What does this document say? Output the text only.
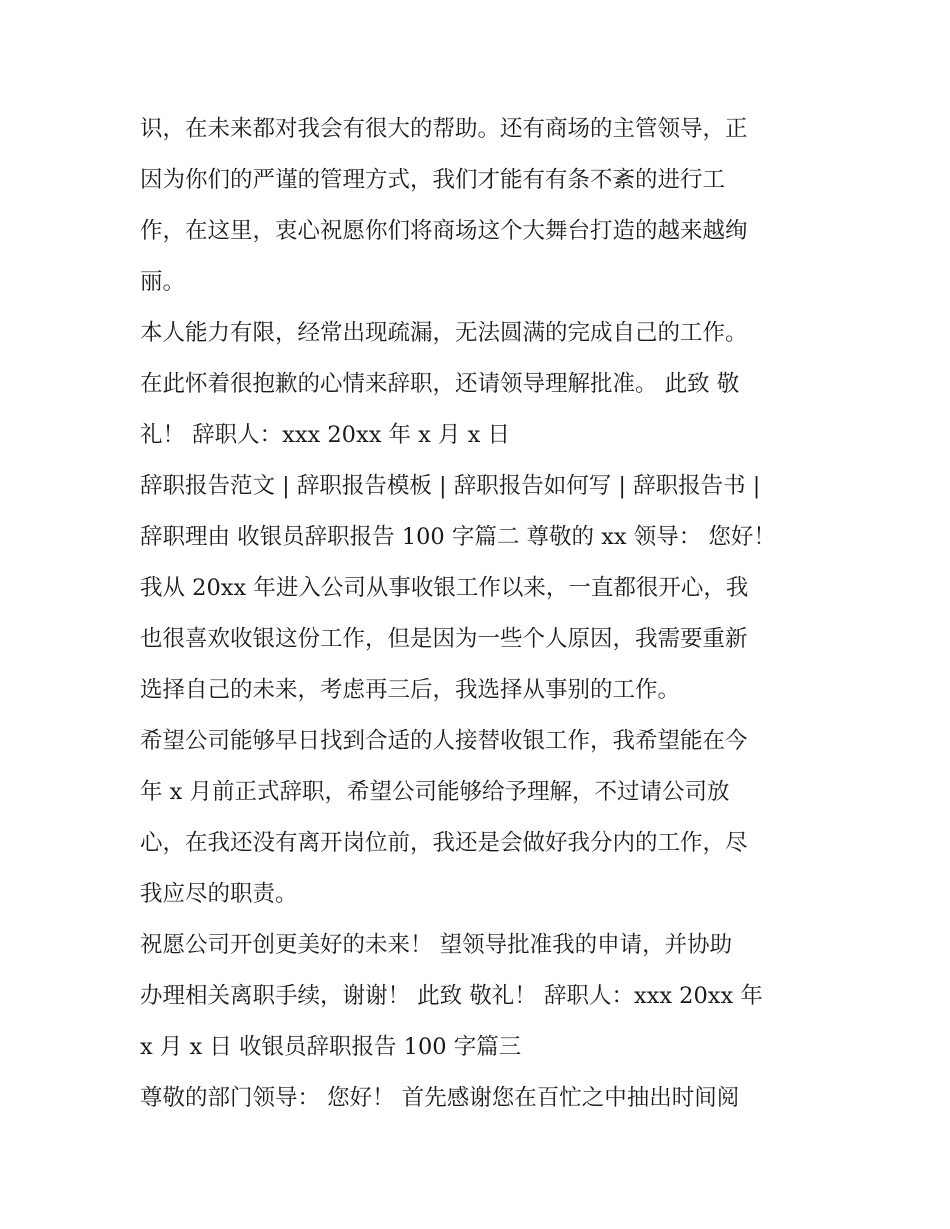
识，在未来都对我会有很大的帮助。还有商场的主管领导，正
因为你们的严谨的管理方式，我们才能有有条不紊的进行工
作，在这里，衷心祝愿你们将商场这个大舞台打造的越来越绚
丽。
本人能力有限，经常出现疏漏，无法圆满的完成自己的工作。
在此怀着很抱歉的心情来辞职，还请领导理解批准。 此致 敬
礼！ 辞职人：xxx 20xx 年 x 月 x 日
辞职报告范文 | 辞职报告模板 | 辞职报告如何写 | 辞职报告书 |
辞职理由 收银员辞职报告 100 字篇二 尊敬的 xx 领导： 您好！
我从 20xx 年进入公司从事收银工作以来，一直都很开心，我
也很喜欢收银这份工作，但是因为一些个人原因，我需要重新
选择自己的未来，考虑再三后，我选择从事别的工作。
希望公司能够早日找到合适的人接替收银工作，我希望能在今
年 x 月前正式辞职，希望公司能够给予理解，不过请公司放
心，在我还没有离开岗位前，我还是会做好我分内的工作，尽
我应尽的职责。
祝愿公司开创更美好的未来！ 望领导批准我的申请，并协助
办理相关离职手续，谢谢！ 此致 敬礼！ 辞职人：xxx 20xx 年
x 月 x 日 收银员辞职报告 100 字篇三
尊敬的部门领导： 您好！ 首先感谢您在百忙之中抽出时间阅
